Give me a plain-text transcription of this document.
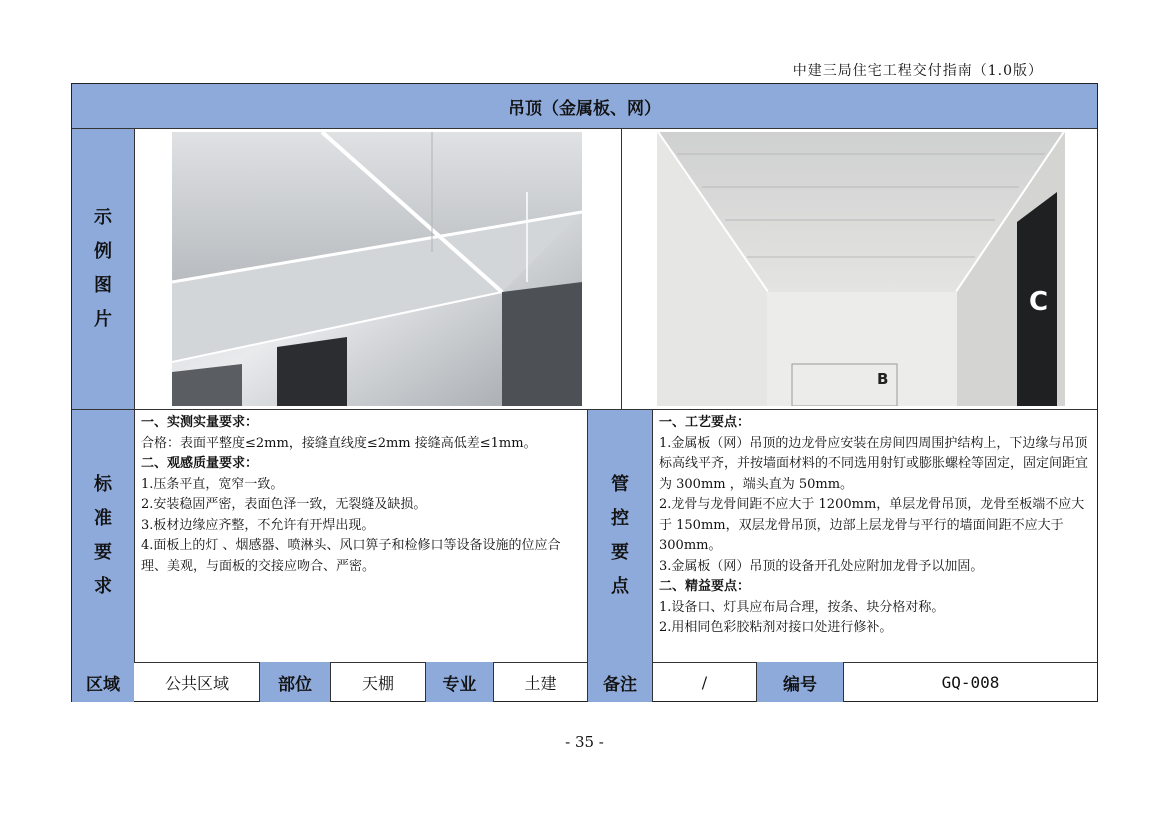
中建三局住宅工程交付指南（1.0版）
吊顶（金属板、网）
示
例
图
片
C
B
标
准
要
求
一、实测实量要求：
合格：表面平整度≤2mm，接缝直线度≤2mm 接缝高低差≤1mm。
二、观感质量要求：
1.压条平直，宽窄一致。
2.安装稳固严密，表面色泽一致，无裂缝及缺损。
3.板材边缘应齐整，不允许有开焊出现。
4.面板上的灯 、烟感器、喷淋头、风口箅子和检修口等设备设施的位应合理、美观，与面板的交接应吻合、严密。
管
控
要
点
一、工艺要点：
1.金属板（网）吊顶的边龙骨应安装在房间四周围护结构上，下边缘与吊顶标高线平齐，并按墙面材料的不同选用射钉或膨胀螺栓等固定，固定间距宜为 300mm ，端头直为 50mm。
2.龙骨与龙骨间距不应大于 1200mm，单层龙骨吊顶，龙骨至板端不应大于 150mm，双层龙骨吊顶，边部上层龙骨与平行的墙面间距不应大于 300mm。
3.金属板（网）吊顶的设备开孔处应附加龙骨予以加固。
二、精益要点：
1.设备口、灯具应布局合理，按条、块分格对称。
2.用相同色彩胶粘剂对接口处进行修补。
区域	公共区域	部位	天棚	专业	土建	备注	/	编号	GQ-008
- 35 -
